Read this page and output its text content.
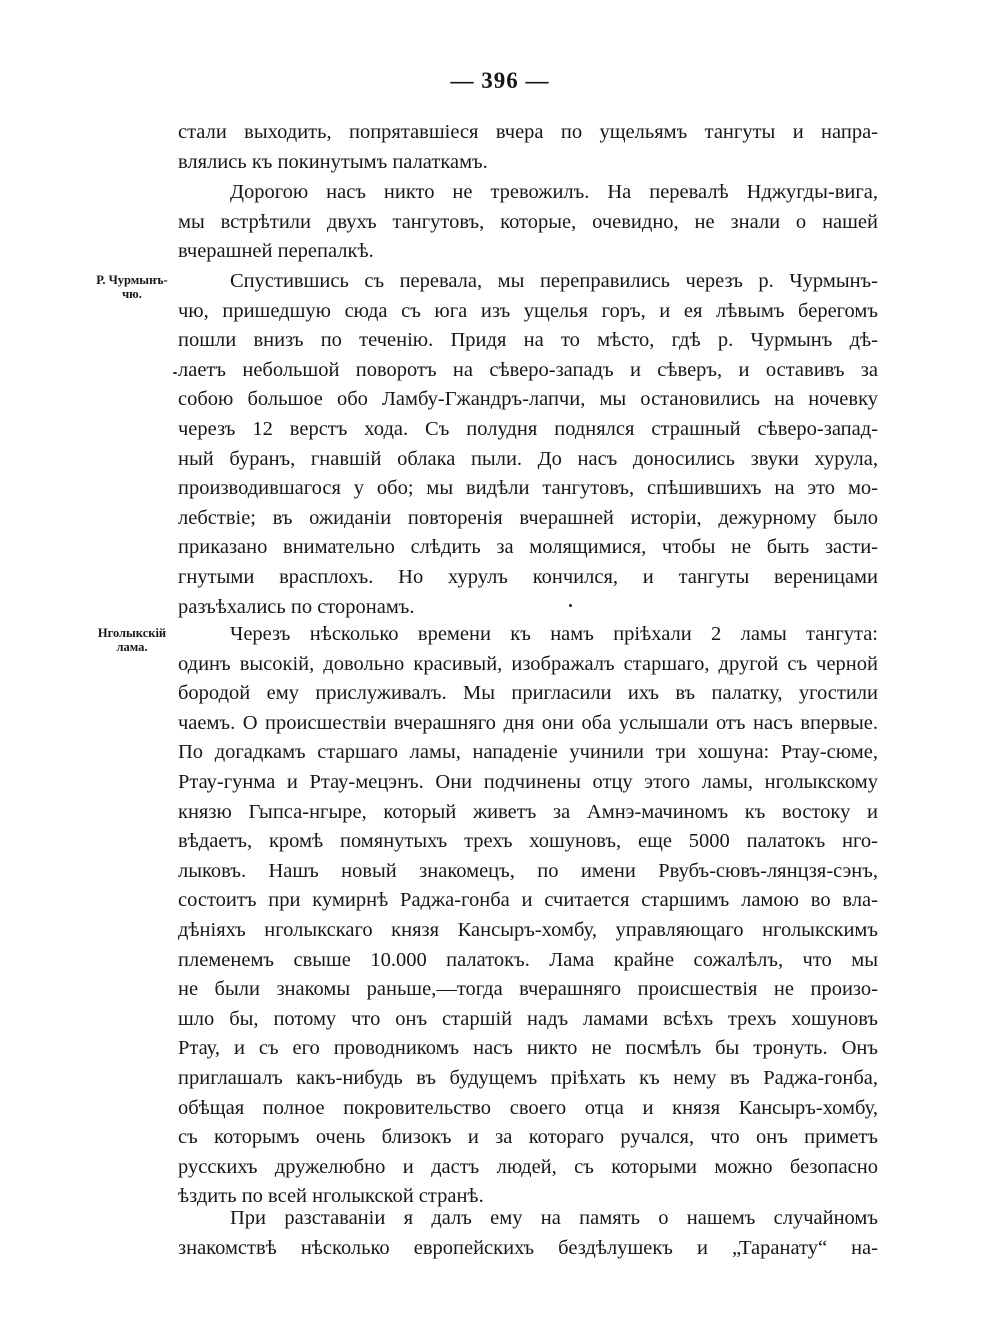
— 396 —
Р. Чурмынъ-
чю.
Нголыкскій
лама.
стали выходить, попрятавшіеся вчера по ущельямъ тангуты и напра-
влялись къ покинутымъ палаткамъ.
Дорогою насъ никто не тревожилъ. На перевалѣ Нджугды-вига,
мы встрѣтили двухъ тангутовъ, которые, очевидно, не знали о нашей
вчерашней перепалкѣ.
Спустившись съ перевала, мы переправились черезъ р. Чурмынъ-
чю, пришедшую сюда съ юга изъ ущелья горъ, и ея лѣвымъ берегомъ
пошли внизъ по теченію. Придя на то мѣсто, гдѣ р. Чурмынъ дѣ-
лаетъ небольшой поворотъ на сѣверо-западъ и сѣверъ, и оставивъ за
собою большое обо Ламбу-Гжандръ-лапчи, мы остановились на ночевку
черезъ 12 верстъ хода. Съ полудня поднялся страшный сѣверо-запад-
ный буранъ, гнавшій облака пыли. До насъ доносились звуки хурула,
производившагося у обо; мы видѣли тангутовъ, спѣшившихъ на это мо-
лебствіе; въ ожиданіи повторенія вчерашней исторіи, дежурному было
приказано внимательно слѣдить за молящимися, чтобы не быть засти-
гнутыми врасплохъ. Но хурулъ кончился, и тангуты вереницами
разъѣхались по сторонамъ.
Черезъ нѣсколько времени къ намъ пріѣхали 2 ламы тангута:
одинъ высокій, довольно красивый, изображалъ старшаго, другой съ черной
бородой ему прислуживалъ. Мы пригласили ихъ въ палатку, угостили
чаемъ. О происшествіи вчерашняго дня они оба услышали отъ насъ впервые.
По догадкамъ старшаго ламы, нападеніе учинили три хошуна: Ртау-сюме,
Ртау-гунма и Ртау-мецэнъ. Они подчинены отцу этого ламы, нголыкскому
князю Гыпса-нгыре, который живетъ за Амнэ-мачиномъ къ востоку и
вѣдаетъ, кромѣ помянутыхъ трехъ хошуновъ, еще 5000 палатокъ нго-
лыковъ. Нашъ новый знакомецъ, по имени Рвубъ-сювъ-лянцзя-сэнъ,
состоитъ при кумирнѣ Раджа-гонба и считается старшимъ ламою во вла-
дѣніяхъ нголыкскаго князя Кансыръ-хомбу, управляющаго нголыкскимъ
племенемъ свыше 10.000 палатокъ. Лама крайне сожалѣлъ, что мы
не были знакомы раньше,—тогда вчерашняго происшествія не произо-
шло бы, потому что онъ старшій надъ ламами всѣхъ трехъ хошуновъ
Ртау, и съ его проводникомъ насъ никто не посмѣлъ бы тронуть. Онъ
приглашалъ какъ-нибудь въ будущемъ пріѣхать къ нему въ Раджа-гонба,
обѣщая полное покровительство своего отца и князя Кансыръ-хомбу,
съ которымъ очень близокъ и за котораго ручался, что онъ приметъ
русскихъ дружелюбно и дастъ людей, съ которыми можно безопасно
ѣздить по всей нголыкской странѣ.
При разставаніи я далъ ему на память о нашемъ случайномъ
знакомствѣ нѣсколько европейскихъ бездѣлушекъ и „Таранату“ на-
